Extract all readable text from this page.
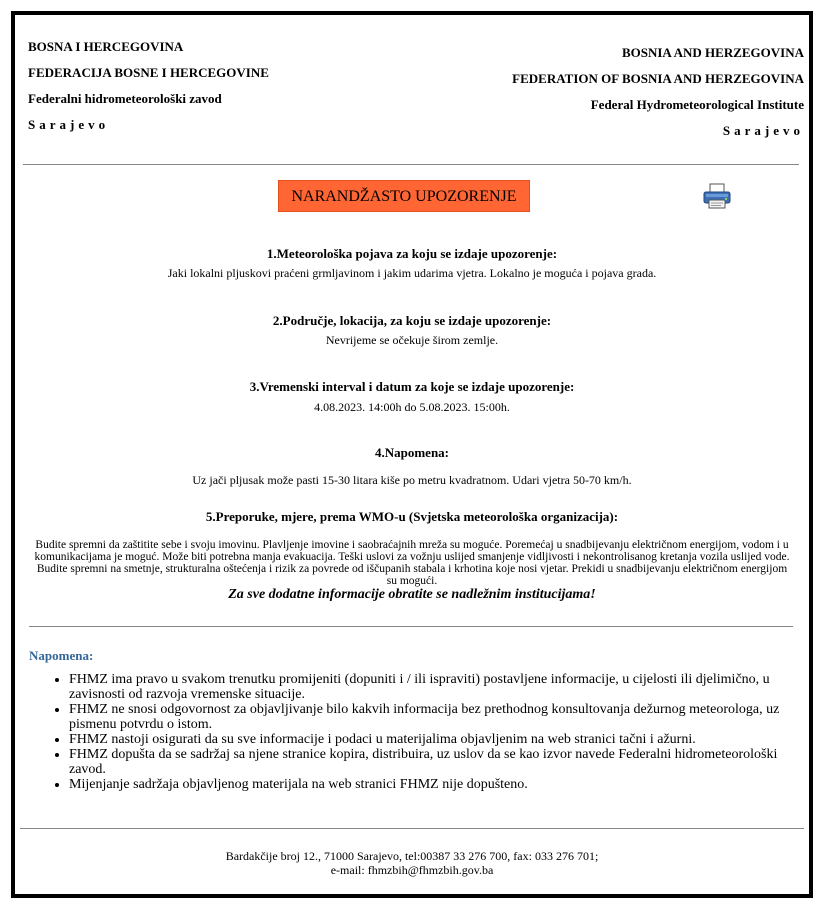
BOSNA I HERCEGOVINA
FEDERACIJA BOSNE I HERCEGOVINE
Federalni hidrometeorološki zavod
Sarajevo
BOSNIA AND HERZEGOVINA
FEDERATION OF BOSNIA AND HERZEGOVINA
Federal Hydrometeorological Institute
Sarajevo
NARANDŽASTO UPOZORENJE
1.Meteorološka pojava za koju se izdaje upozorenje:
Jaki lokalni pljuskovi praćeni grmljavinom i jakim udarima vjetra. Lokalno je moguća i pojava grada.
2.Područje, lokacija, za koju se izdaje upozorenje:
Nevrijeme se očekuje širom zemlje.
3.Vremenski interval i datum za koje se izdaje upozorenje:
4.08.2023. 14:00h do 5.08.2023. 15:00h.
4.Napomena:
Uz jači pljusak može pasti 15-30 litara kiše po metru kvadratnom. Udari vjetra 50-70 km/h.
5.Preporuke, mjere, prema WMO-u (Svjetska meteorološka organizacija):
Budite spremni da zaštitite sebe i svoju imovinu. Plavljenje imovine i saobraćajnih mreža su moguće. Poremećaj u snadbijevanju električnom energijom, vodom i u komunikacijama je moguć. Može biti potrebna manja evakuacija. Teški uslovi za vožnju uslijed smanjenje vidljivosti i nekontrolisanog kretanja vozila uslijed vode. Budite spremni na smetnje, strukturalna oštećenja i rizik za povrede od iščupanih stabala i krhotina koje nosi vjetar. Prekidi u snadbijevanju električnom energijom su mogući.
Za sve dodatne informacije obratite se nadležnim institucijama!
Napomena:
• FHMZ ima pravo u svakom trenutku promijeniti (dopuniti i / ili ispraviti) postavljene informacije, u cijelosti ili djelimično, u zavisnosti od razvoja vremenske situacije.
• FHMZ ne snosi odgovornost za objavljivanje bilo kakvih informacija bez prethodnog konsultovanja dežurnog meteorologa, uz pismenu potvrdu o istom.
• FHMZ nastoji osigurati da su sve informacije i podaci u materijalima objavljenim na web stranici tačni i ažurni.
• FHMZ dopušta da se sadržaj sa njene stranice kopira, distribuira, uz uslov da se kao izvor navede Federalni hidrometeorološki zavod.
• Mijenjanje sadržaja objavljenog materijala na web stranici FHMZ nije dopušteno.
Bardakčije broj 12., 71000 Sarajevo, tel:00387 33 276 700, fax: 033 276 701;
e-mail: fhmzbih@fhmzbih.gov.ba
